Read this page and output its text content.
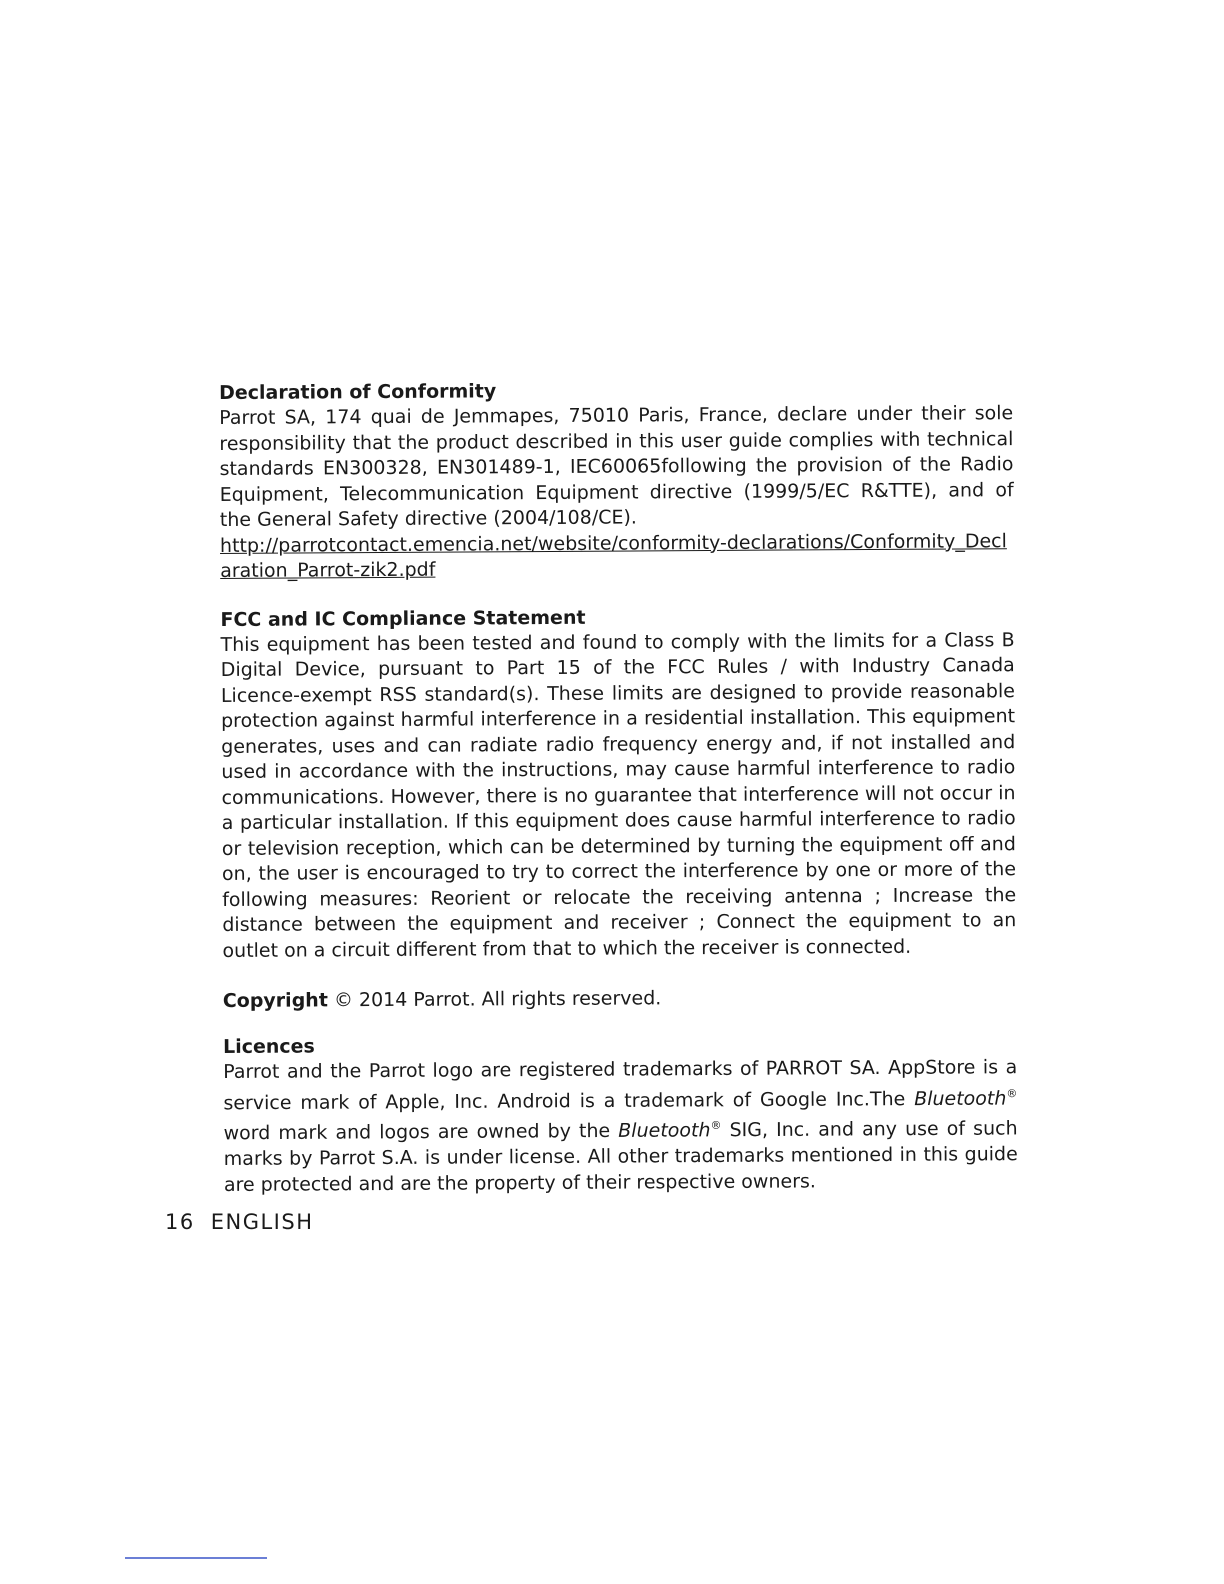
Declaration of Conformity

Parrot SA, 174 quai de Jemmapes, 75010 Paris, France, declare under their sole responsibility that the product described in this user guide complies with technical standards EN300328, EN301489-1, IEC60065following the provision of the Radio Equipment, Telecommunication Equipment directive (1999/5/EC R&TTE), and of the General Safety directive (2004/108/CE).

http://parrotcontact.emencia.net/website/conformity-declarations/Conformity_Declaration_Parrot-zik2.pdf

FCC and IC Compliance Statement

This equipment has been tested and found to comply with the limits for a Class B Digital Device, pursuant to Part 15 of the FCC Rules / with Industry Canada Licence-exempt RSS standard(s). These limits are designed to provide reasonable protection against harmful interference in a residential installation. This equipment generates, uses and can radiate radio frequency energy and, if not installed and used in accordance with the instructions, may cause harmful interference to radio communications. However, there is no guarantee that interference will not occur in a particular installation. If this equipment does cause harmful interference to radio or television reception, which can be determined by turning the equipment off and on, the user is encouraged to try to correct the interference by one or more of the following measures: Reorient or relocate the receiving antenna ; Increase the distance between the equipment and receiver ; Connect the equipment to an outlet on a circuit different from that to which the receiver is connected.

Copyright © 2014 Parrot. All rights reserved.

Licences

Parrot and the Parrot logo are registered trademarks of PARROT SA. AppStore is a service mark of Apple, Inc. Android is a trademark of Google Inc.The Bluetooth® word mark and logos are owned by the Bluetooth® SIG, Inc. and any use of such marks by Parrot S.A. is under license. All other trademarks mentioned in this guide are protected and are the property of their respective owners.

16 ENGLISH
